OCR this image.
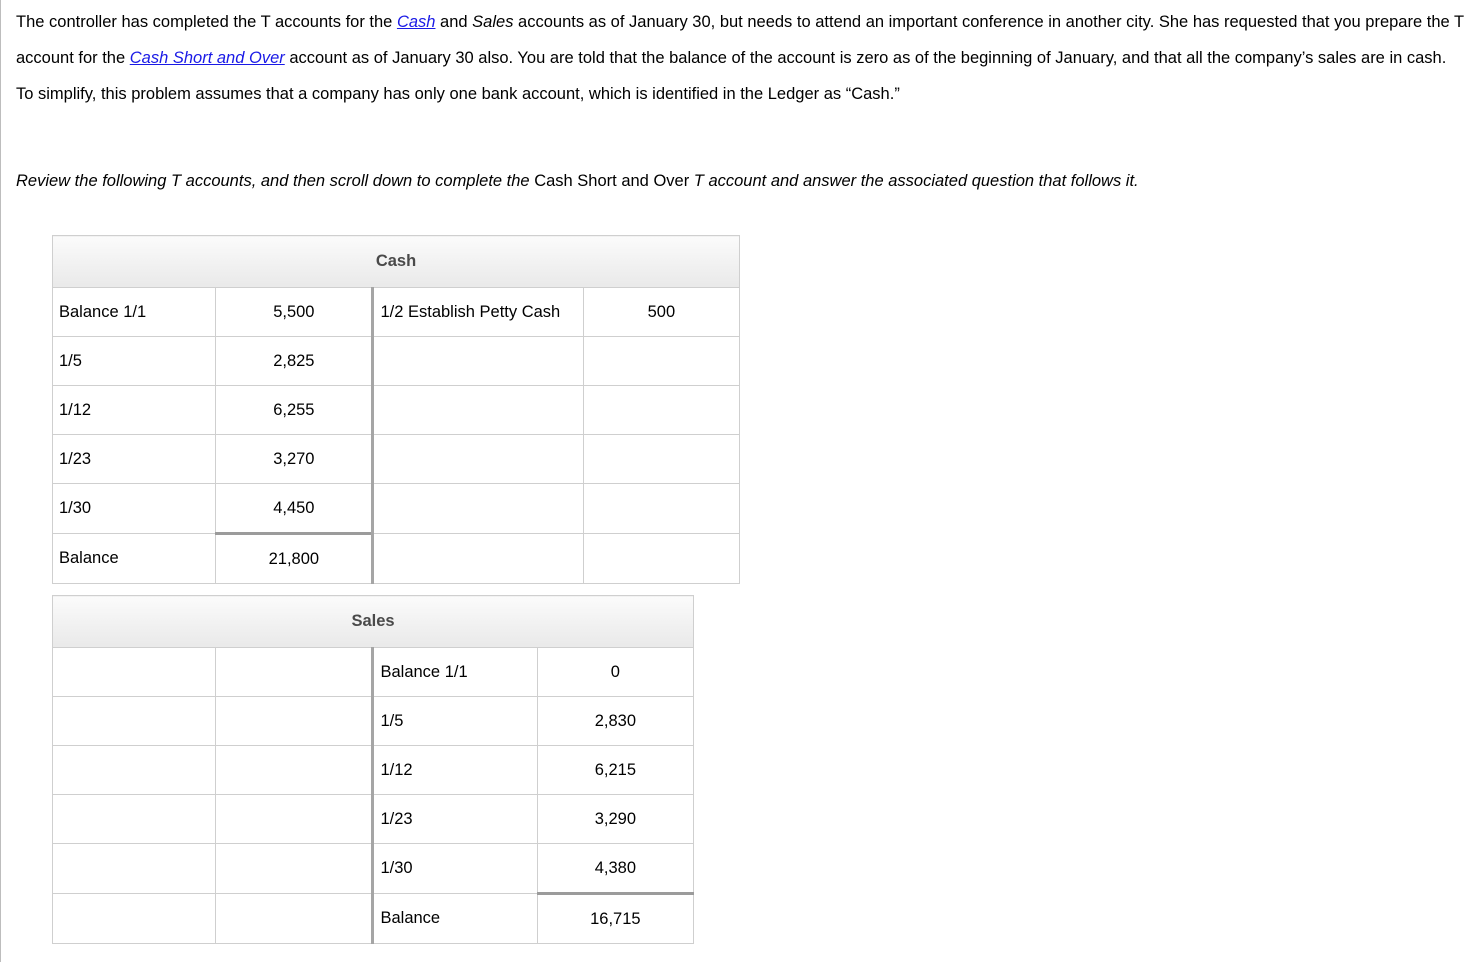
The controller has completed the T accounts for the Cash and Sales accounts as of January 30, but needs to attend an important conference in another city. She has requested that you prepare the T account for the Cash Short and Over account as of January 30 also. You are told that the balance of the account is zero as of the beginning of January, and that all the company’s sales are in cash. To simplify, this problem assumes that a company has only one bank account, which is identified in the Ledger as “Cash.”

Review the following T accounts, and then scroll down to complete the Cash Short and Over T account and answer the associated question that follows it.

Cash			
Balance 1/1	5,500	1/2 Establish Petty Cash	500
1/5	2,825		
1/12	6,255		
1/23	3,270		
1/30	4,450		
Balance	21,800		
Sales			
		Balance 1/1	0
		1/5	2,830
		1/12	6,215
		1/23	3,290
		1/30	4,380
		Balance	16,715
